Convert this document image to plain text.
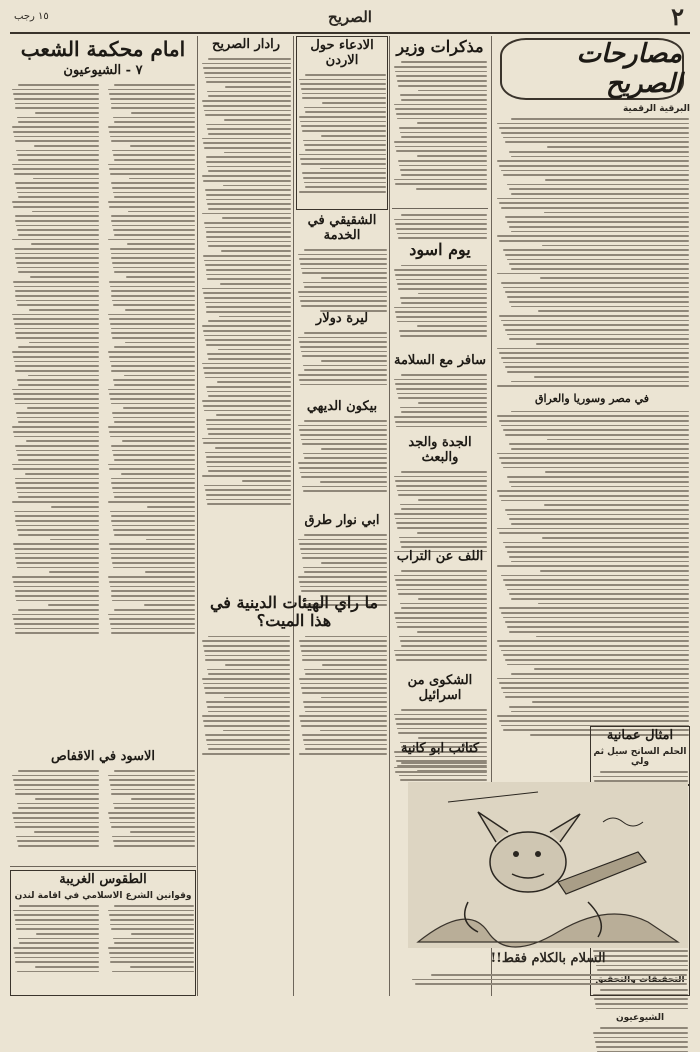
٢
الصريح
١٥ رجب
مصارحات الصريح
البرقية الرقمية
في مصر وسوريا والعراق
امثال عمانية
الحلم السانح سيل ثم ولي
الشيوعيون
مذكرات وزير
يوم اسود
سافر مع السلامة
الجدة والجد والبعث
اللف عن التراب
الشكوى من اسرائيل
الادعاء حول الاردن
الشقيقي في الخدمة
ليرة دولار
بيكون الديهي
ابي نوار طرق
رادار الصريح
ما راي الهيئات الدينية في هذا الميت؟
امام محكمة الشعب
٧ - الشيوعيون
الاسود في الاقفاص
الطقوس الغريبة
وقوانين الشرع الاسلامي في اقامة لندن
كتائب ابو كانية
السلام بالكلام فقط!!
